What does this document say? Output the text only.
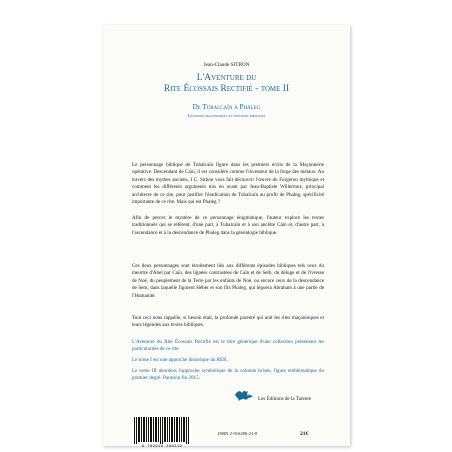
Jean-Claude SITBON
L'Aventure du
Rite Écossais Rectifié - tome II
De Tubalcaïn à Phaleg
Légendes maçonniques et exégèses bibliques
Le personnage biblique de Tubalcaïn figure dans les premiers écrits de la Maçonnerie opérative. Descendant de Caïn, il est considéré comme l'inventeur de la forge des métaux. Au travers des mythes anciens, J.C. Sitbon vous fait découvrir l'œuvre du Forgeron mythique et comment les différents arguments mis en avant par Jean-Baptiste Willermoz, principal architecte de ce rite, pour justifier l'éradication de Tubalcaïn au profit de Phaleg, spécificité importante de ce rite. Mais qui est Phaleg ?
Afin de percer le mystère de ce personnage énigmatique, l'auteur explore les textes traditionnels qui se réfèrent, d'une part, à Tubalcaïn et à son ancêtre Caïn et, d'autre part, à l'ascendance et à la descendance de Phaleg dans la généalogie biblique.
Ces deux personnages sont étroitement liés aux différents épisodes bibliques tels ceux du meurtre d'Abel par Caïn, des lignées contrastées de Caïn et de Seth, du déluge et de l'ivresse de Noé, du peuplement de la Terre par les enfants de Noé, ou encore ceux de la descendance de Sem, dans laquelle figurent Héber et son fils Phaleg, qui léguera Abraham à une partie de l'Humanité.
Tout ceci nous rappelle, si besoin était, la profonde parenté qui unit les rites maçonniques et leurs légendes aux textes bibliques.
L'Aventure du Rite Écossais Rectifié est le titre générique d'une collection présentant les particularités de ce rite.
Le tome I est une approche historique du RER.
Le tome III abordera l'approche symbolique de la colonne brisée, figure emblématique du premier degré. Parution fin 2015.
Les Éditions de la Tarente
9 782916 280219
ISBN 2-916280-21-9	21€
